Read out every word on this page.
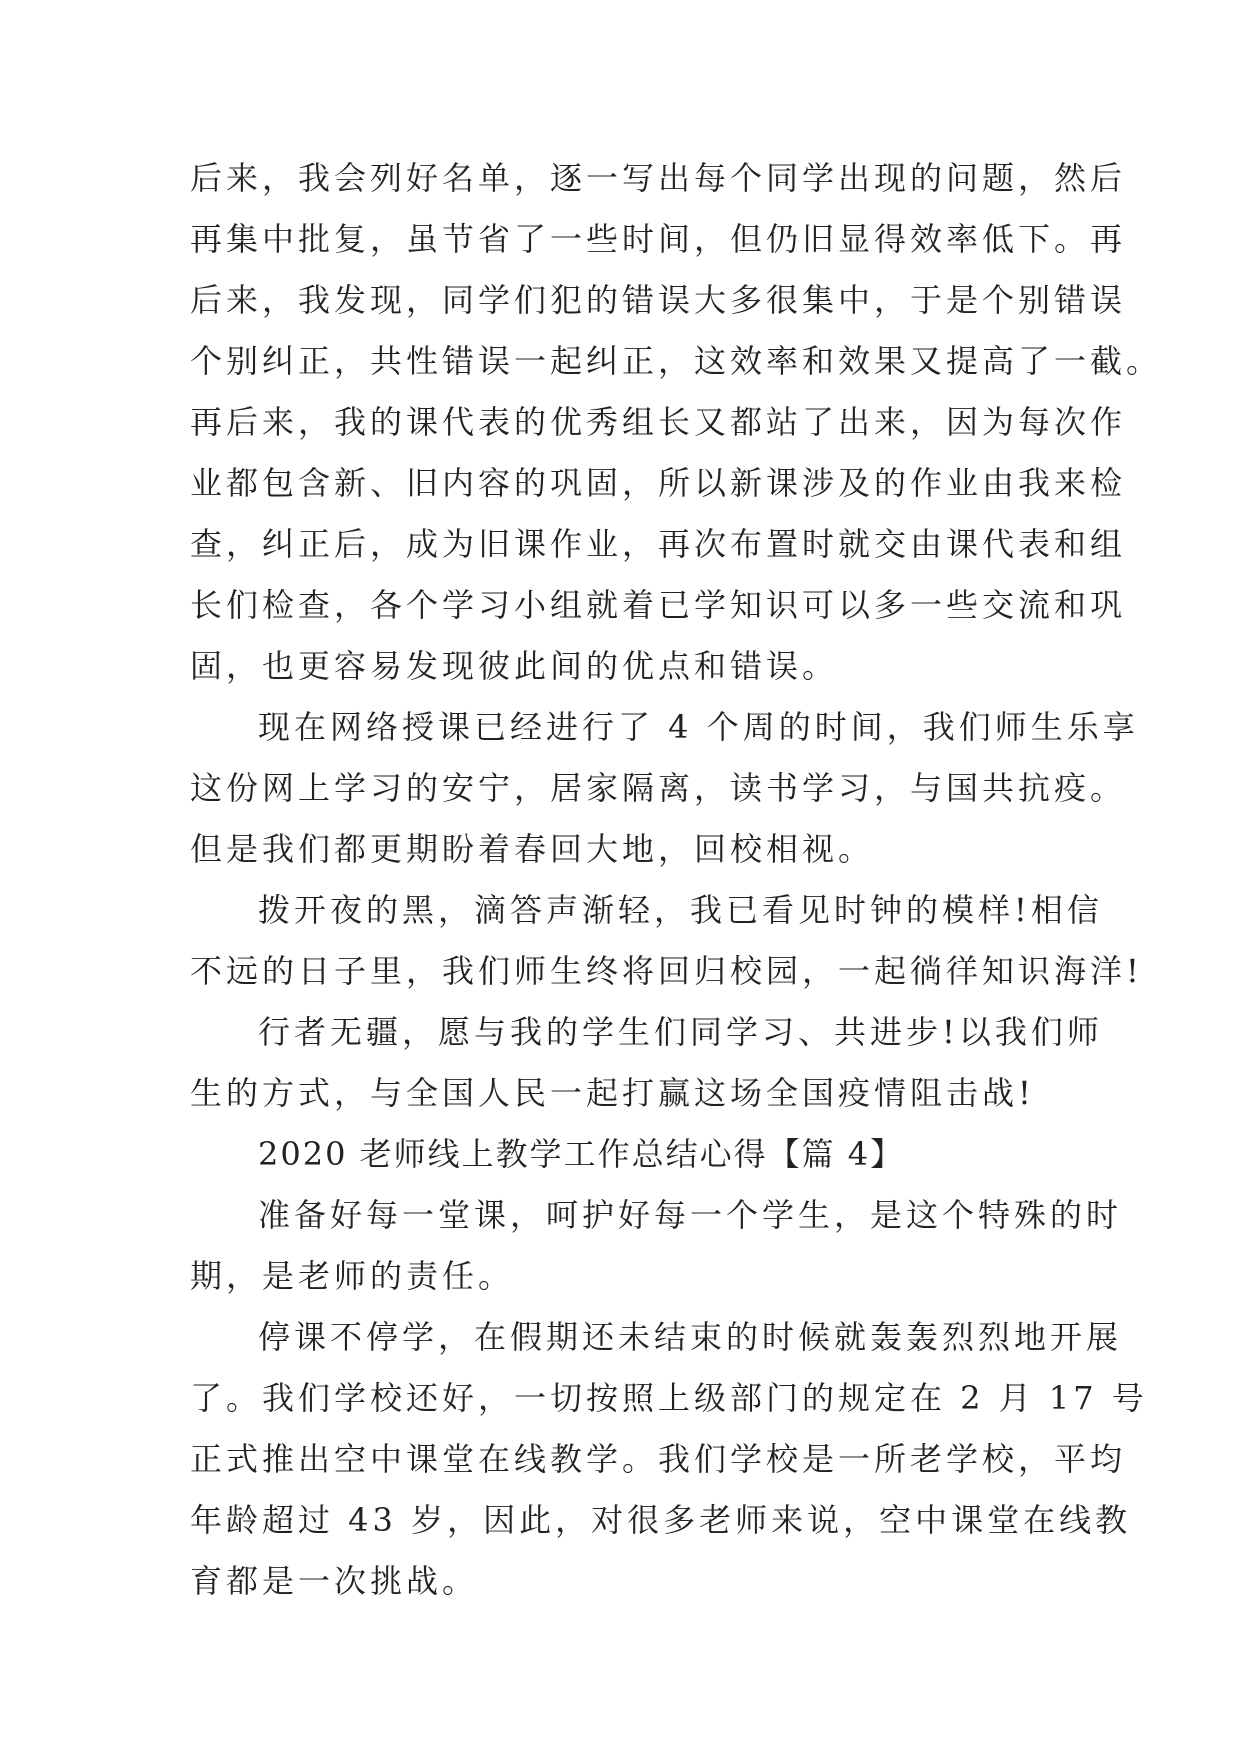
后来，我会列好名单，逐一写出每个同学出现的问题，然后
再集中批复，虽节省了一些时间，但仍旧显得效率低下。再
后来，我发现，同学们犯的错误大多很集中，于是个别错误
个别纠正，共性错误一起纠正，这效率和效果又提高了一截。
再后来，我的课代表的优秀组长又都站了出来，因为每次作
业都包含新、旧内容的巩固，所以新课涉及的作业由我来检
查，纠正后，成为旧课作业，再次布置时就交由课代表和组
长们检查，各个学习小组就着已学知识可以多一些交流和巩
固，也更容易发现彼此间的优点和错误。
现在网络授课已经进行了 4 个周的时间，我们师生乐享
这份网上学习的安宁，居家隔离，读书学习，与国共抗疫。
但是我们都更期盼着春回大地，回校相视。
拨开夜的黑，滴答声渐轻，我已看见时钟的模样!相信
不远的日子里，我们师生终将回归校园，一起徜徉知识海洋!
行者无疆，愿与我的学生们同学习、共进步!以我们师
生的方式，与全国人民一起打赢这场全国疫情阻击战!
2020 老师线上教学工作总结心得【篇 4】
准备好每一堂课，呵护好每一个学生，是这个特殊的时
期，是老师的责任。
停课不停学，在假期还未结束的时候就轰轰烈烈地开展
了。我们学校还好，一切按照上级部门的规定在 2 月 17 号
正式推出空中课堂在线教学。我们学校是一所老学校，平均
年龄超过 43 岁，因此，对很多老师来说，空中课堂在线教
育都是一次挑战。
